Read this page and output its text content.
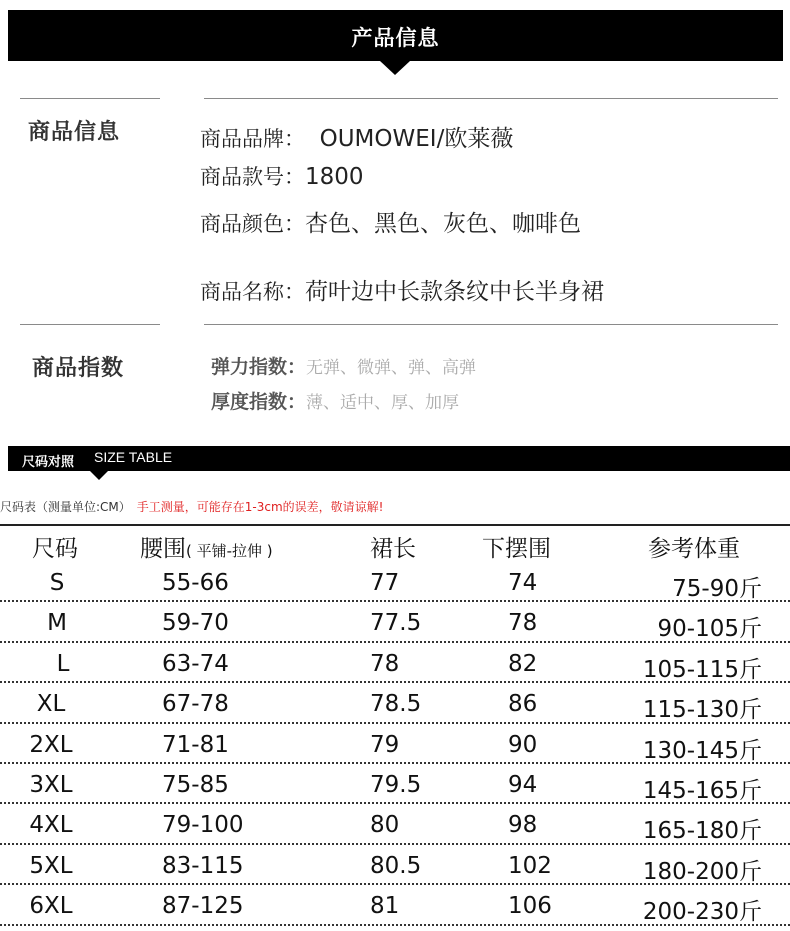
产品信息
商品信息	商品品牌：  OUMOWEI/欧莱薇
商品款号：1800
商品颜色：杏色、黑色、灰色、咖啡色
商品名称：荷叶边中长款条纹中长半身裙
商品指数	弹力指数：无弹、微弹、弹、高弹
厚度指数：薄、适中、厚、加厚
尺码对照 SIZE TABLE
尺码表（测量单位:CM） 手工测量，可能存在1-3cm的误差，敬请谅解!
尺码	腰围( 平铺-拉伸 )	裙长	下摆围	参考体重
S	55-66	77	74	75-90斤
M	59-70	77.5	78	90-105斤
L	63-74	78	82	105-115斤
XL	67-78	78.5	86	115-130斤
2XL	71-81	79	90	130-145斤
3XL	75-85	79.5	94	145-165斤
4XL	79-100	80	98	165-180斤
5XL	83-115	80.5	102	180-200斤
6XL	87-125	81	106	200-230斤
